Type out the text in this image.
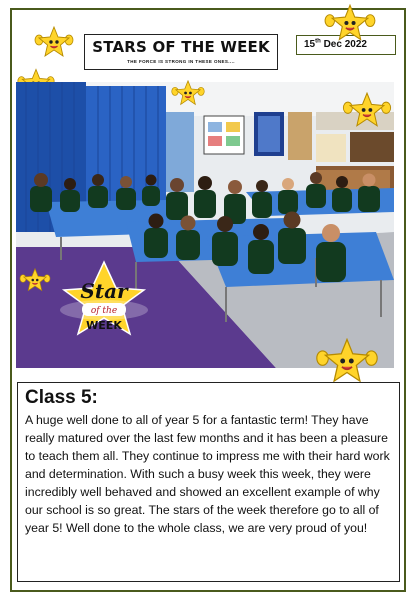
STARS OF THE WEEK
THE FORCE IS STRONG IN THESE ONES....
15th Dec 2022
Star
of the
WEEK
Class 5:

A huge well done to all of year 5 for a fantastic term! They have really matured over the last few months and it has been a pleasure to teach them all. They continue to impress me with their hard work and determination. With such a busy week this week, they were incredibly well behaved and showed an excellent example of why our school is so great. The stars of the week therefore go to all of year 5! Well done to the whole class, we are very proud of you!
